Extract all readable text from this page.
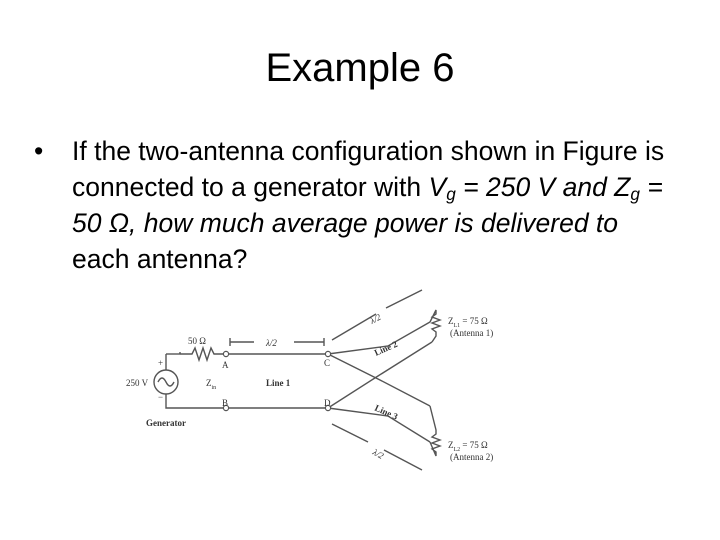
Example 6
• If the two-antenna configuration shown in Figure is connected to a generator with $V_g = 250$ V and $Z_g = 50$ Ω, how much average power is delivered to each antenna?
50 Ω
+
−
250 V	$Z_{in}$
A
B
C
D
λ/2
Line 1
Generator
λ/2
λ/2
Line 2
Line 3
$Z_{L1} = 75$ Ω
(Antenna 1)
$Z_{L2} = 75$ Ω
(Antenna 2)
